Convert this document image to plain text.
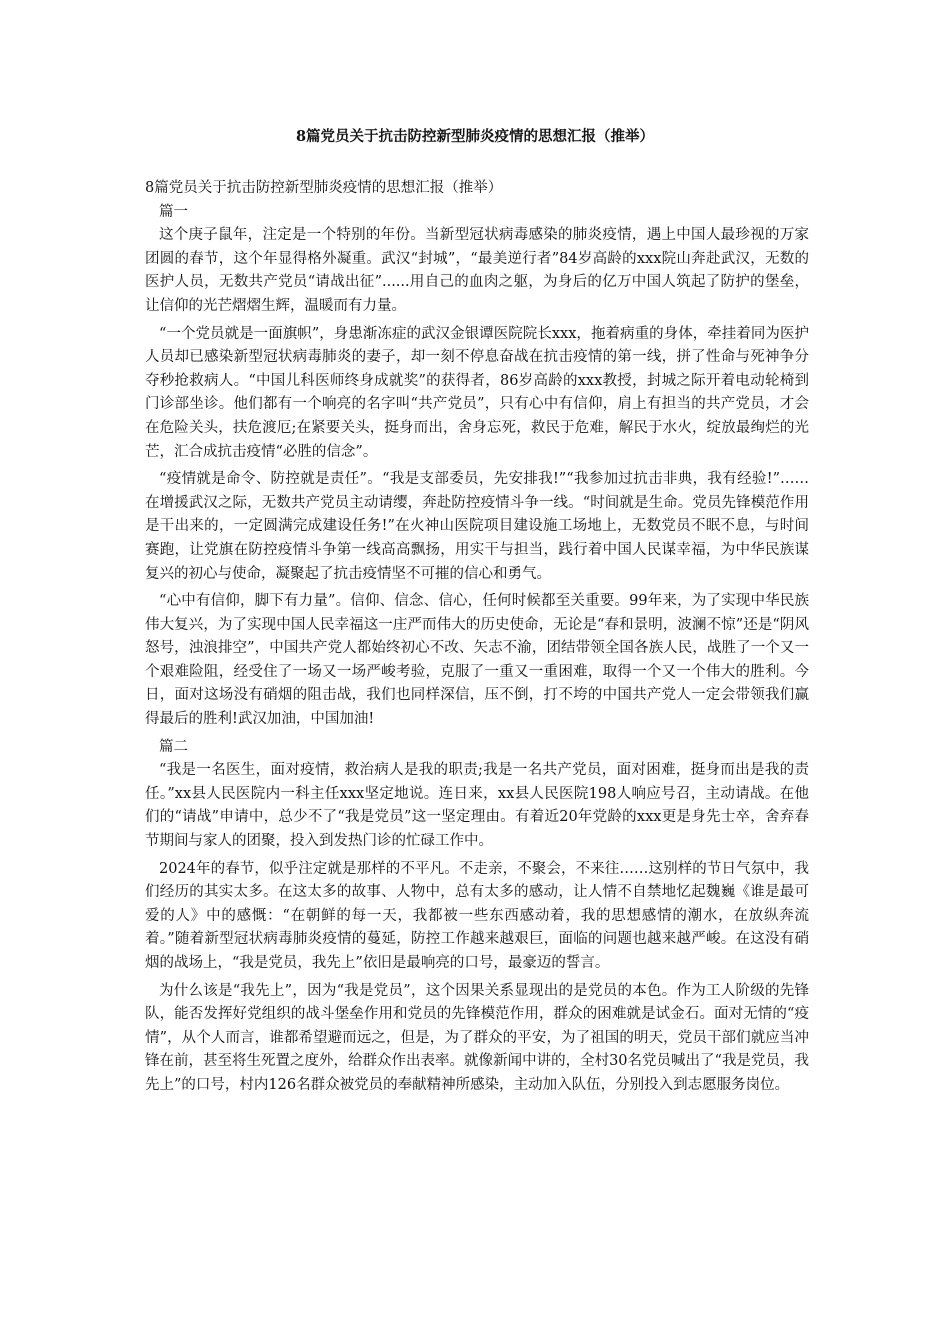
8篇党员关于抗击防控新型肺炎疫情的思想汇报（推举）

8篇党员关于抗击防控新型肺炎疫情的思想汇报（推举）

篇一

这个庚子鼠年，注定是一个特别的年份。当新型冠状病毒感染的肺炎疫情，遇上中国人最珍视的万家团圆的春节，这个年显得格外凝重。武汉“封城”，“最美逆行者”84岁高龄的xxx院山奔赴武汉，无数的医护人员，无数共产党员“请战出征”......用自己的血肉之躯，为身后的亿万中国人筑起了防护的堡垒，让信仰的光芒熠熠生辉，温暖而有力量。

“一个党员就是一面旗帜”，身患渐冻症的武汉金银谭医院院长xxx，拖着病重的身体，牵挂着同为医护人员却已感染新型冠状病毒肺炎的妻子，却一刻不停息奋战在抗击疫情的第一线，拼了性命与死神争分夺秒抢救病人。“中国儿科医师终身成就奖”的获得者，86岁高龄的xxx教授，封城之际开着电动轮椅到门诊部坐诊。他们都有一个响亮的名字叫“共产党员”，只有心中有信仰，肩上有担当的共产党员，才会在危险关头，扶危渡厄;在紧要关头，挺身而出，舍身忘死，救民于危难，解民于水火，绽放最绚烂的光芒，汇合成抗击疫情“必胜的信念”。

“疫情就是命令、防控就是责任”。“我是支部委员，先安排我!”“我参加过抗击非典，我有经验!”……在增援武汉之际，无数共产党员主动请缨，奔赴防控疫情斗争一线。“时间就是生命。党员先锋模范作用是干出来的，一定圆满完成建设任务!”在火神山医院项目建设施工场地上，无数党员不眠不息，与时间赛跑，让党旗在防控疫情斗争第一线高高飘扬，用实干与担当，践行着中国人民谋幸福，为中华民族谋复兴的初心与使命，凝聚起了抗击疫情坚不可摧的信心和勇气。

“心中有信仰，脚下有力量”。信仰、信念、信心，任何时候都至关重要。99年来，为了实现中华民族伟大复兴，为了实现中国人民幸福这一庄严而伟大的历史使命，无论是“春和景明，波澜不惊”还是“阴风怒号，浊浪排空”，中国共产党人都始终初心不改、矢志不渝，团结带领全国各族人民，战胜了一个又一个艰难险阻，经受住了一场又一场严峻考验，克服了一重又一重困难，取得一个又一个伟大的胜利。今日，面对这场没有硝烟的阻击战，我们也同样深信，压不倒，打不垮的中国共产党人一定会带领我们赢得最后的胜利!武汉加油，中国加油!

篇二

“我是一名医生，面对疫情，救治病人是我的职责;我是一名共产党员，面对困难，挺身而出是我的责任。”xx县人民医院内一科主任xxx坚定地说。连日来，xx县人民医院198人响应号召，主动请战。在他们的“请战”申请中，总少不了“我是党员”这一坚定理由。有着近20年党龄的xxx更是身先士卒，舍弃春节期间与家人的团聚，投入到发热门诊的忙碌工作中。

2024年的春节，似乎注定就是那样的不平凡。不走亲，不聚会，不来往……这别样的节日气氛中，我们经历的其实太多。在这太多的故事、人物中，总有太多的感动，让人情不自禁地忆起魏巍《谁是最可爱的人》中的感慨：“在朝鲜的每一天，我都被一些东西感动着，我的思想感情的潮水，在放纵奔流着。”随着新型冠状病毒肺炎疫情的蔓延，防控工作越来越艰巨，面临的问题也越来越严峻。在这没有硝烟的战场上，“我是党员，我先上”依旧是最响亮的口号，最豪迈的誓言。

为什么该是“我先上”，因为“我是党员”，这个因果关系显现出的是党员的本色。作为工人阶级的先锋队，能否发挥好党组织的战斗堡垒作用和党员的先锋模范作用，群众的困难就是试金石。面对无情的“疫情”，从个人而言，谁都希望避而远之，但是，为了群众的平安，为了祖国的明天，党员干部们就应当冲锋在前，甚至将生死置之度外，给群众作出表率。就像新闻中讲的，全村30名党员喊出了“我是党员，我先上”的口号，村内126名群众被党员的奉献精神所感染，主动加入队伍，分别投入到志愿服务岗位。
